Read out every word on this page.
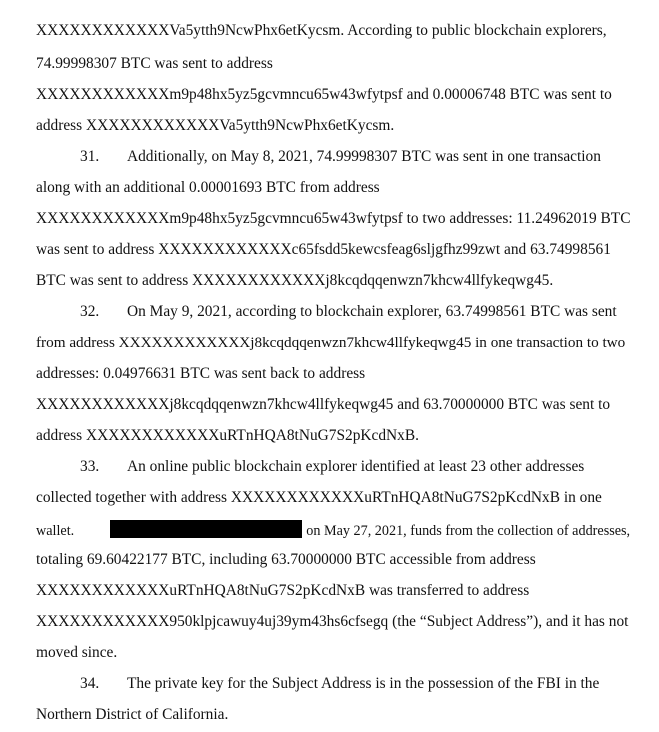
XXXXXXXXXXXXVa5ytth9NcwPhx6etKycsm. According to public blockchain explorers,
74.99998307 BTC was sent to address
XXXXXXXXXXXXm9p48hx5yz5gcvmncu65w43wfytpsf and 0.00006748 BTC was sent to
address XXXXXXXXXXXXVa5ytth9NcwPhx6etKycsm.
31. Additionally, on May 8, 2021, 74.99998307 BTC was sent in one transaction
along with an additional 0.00001693 BTC from address
XXXXXXXXXXXXm9p48hx5yz5gcvmncu65w43wfytpsf to two addresses: 11.24962019 BTC
was sent to address XXXXXXXXXXXXc65fsdd5kewcsfeag6sljgfhz99zwt and 63.74998561
BTC was sent to address XXXXXXXXXXXXj8kcqdqqenwzn7khcw4llfykeqwg45.
32. On May 9, 2021, according to blockchain explorer, 63.74998561 BTC was sent
from address XXXXXXXXXXXXj8kcqdqqenwzn7khcw4llfykeqwg45 in one transaction to two
addresses: 0.04976631 BTC was sent back to address
XXXXXXXXXXXXj8kcqdqqenwzn7khcw4llfykeqwg45 and 63.70000000 BTC was sent to
address XXXXXXXXXXXXuRTnHQA8tNuG7S2pKcdNxB.
33. An online public blockchain explorer identified at least 23 other addresses
collected together with address XXXXXXXXXXXXuRTnHQA8tNuG7S2pKcdNxB in one
wallet.	on May 27, 2021, funds from the collection of addresses,
totaling 69.60422177 BTC, including 63.70000000 BTC accessible from address
XXXXXXXXXXXXuRTnHQA8tNuG7S2pKcdNxB was transferred to address
XXXXXXXXXXXX950klpjcawuy4uj39ym43hs6cfsegq (the “Subject Address”), and it has not
moved since.
34. The private key for the Subject Address is in the possession of the FBI in the
Northern District of California.
